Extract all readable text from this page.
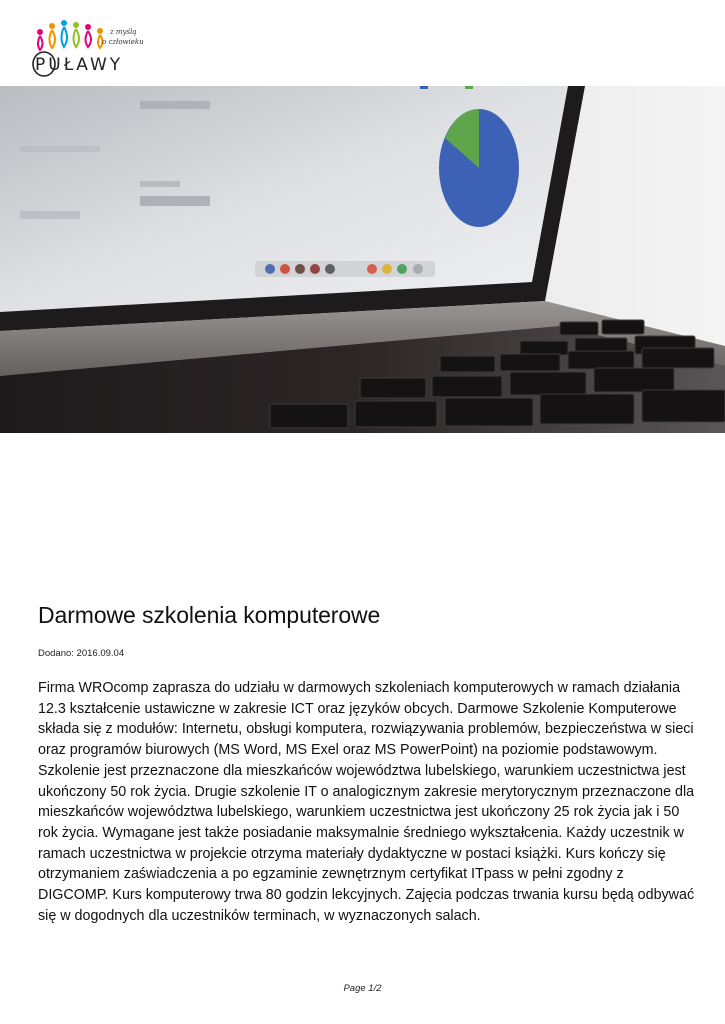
z myślą
o człowieku
PUŁAWY
Darmowe szkolenia komputerowe
Dodano: 2016.09.04

Firma WROcomp zaprasza do udziału w darmowych szkoleniach komputerowych w ramach działania 12.3 kształcenie ustawiczne w zakresie ICT oraz języków obcych. Darmowe Szkolenie Komputerowe składa się z modułów: Internetu, obsługi komputera, rozwiązywania problemów, bezpieczeństwa w sieci oraz programów biurowych (MS Word, MS Exel oraz MS PowerPoint) na poziomie podstawowym. Szkolenie jest przeznaczone dla mieszkańców województwa lubelskiego, warunkiem uczestnictwa jest ukończony 50 rok życia. Drugie szkolenie IT o analogicznym zakresie merytorycznym przeznaczone dla mieszkańców województwa lubelskiego, warunkiem uczestnictwa jest ukończony 25 rok życia jak i 50 rok życia. Wymagane jest także posiadanie maksymalnie średniego wykształcenia. Każdy uczestnik w ramach uczestnictwa w projekcie otrzyma materiały dydaktyczne w postaci książki. Kurs kończy się otrzymaniem zaświadczenia a po egzaminie zewnętrznym certyfikat ITpass w pełni zgodny z DIGCOMP. Kurs komputerowy trwa 80 godzin lekcyjnych. Zajęcia podczas trwania kursu będą odbywać się w dogodnych dla uczestników terminach, w wyznaczonych salach.

Page 1/2
